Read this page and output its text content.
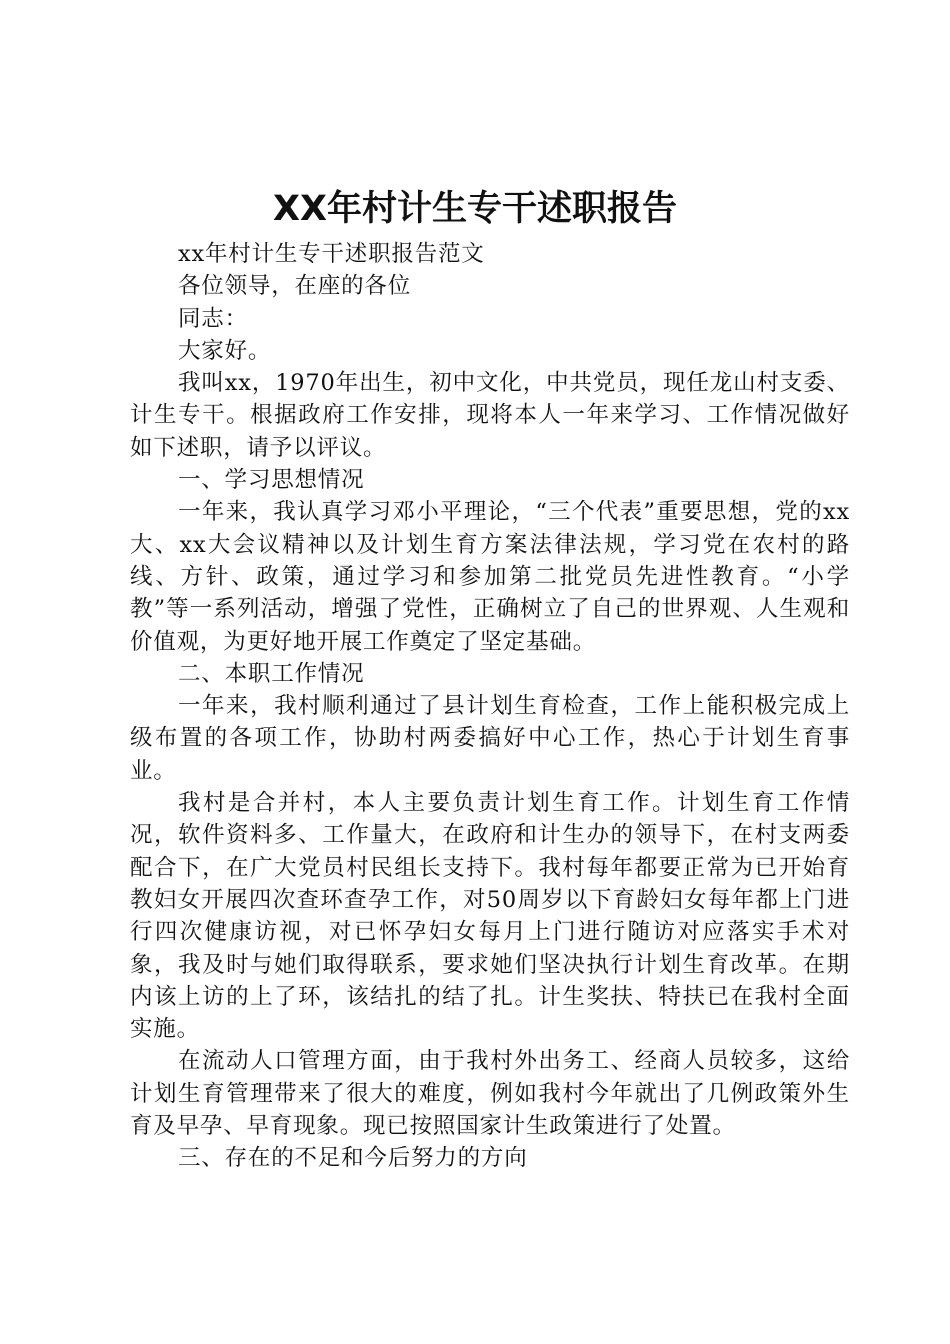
XX年村计生专干述职报告

xx年村计生专干述职报告范文

各位领导，在座的各位

同志：

大家好。

我叫xx，1970年出生，初中文化，中共党员，现任龙山村支委、计生专干。根据政府工作安排，现将本人一年来学习、工作情况做好如下述职，请予以评议。

一、学习思想情况

一年来，我认真学习邓小平理论，“三个代表”重要思想，党的xx大、xx大会议精神以及计划生育方案法律法规，学习党在农村的路线、方针、政策，通过学习和参加第二批党员先进性教育。“小学教”等一系列活动，增强了党性，正确树立了自己的世界观、人生观和价值观，为更好地开展工作奠定了坚定基础。

二、本职工作情况

一年来，我村顺利通过了县计划生育检查，工作上能积极完成上级布置的各项工作，协助村两委搞好中心工作，热心于计划生育事业。

我村是合并村，本人主要负责计划生育工作。计划生育工作情况，软件资料多、工作量大，在政府和计生办的领导下，在村支两委配合下，在广大党员村民组长支持下。我村每年都要正常为已开始育教妇女开展四次查环查孕工作，对50周岁以下育龄妇女每年都上门进行四次健康访视，对已怀孕妇女每月上门进行随访对应落实手术对象，我及时与她们取得联系，要求她们坚决执行计划生育改革。在期内该上访的上了环，该结扎的结了扎。计生奖扶、特扶已在我村全面实施。

在流动人口管理方面，由于我村外出务工、经商人员较多，这给计划生育管理带来了很大的难度，例如我村今年就出了几例政策外生育及早孕、早育现象。现已按照国家计生政策进行了处置。

三、存在的不足和今后努力的方向
